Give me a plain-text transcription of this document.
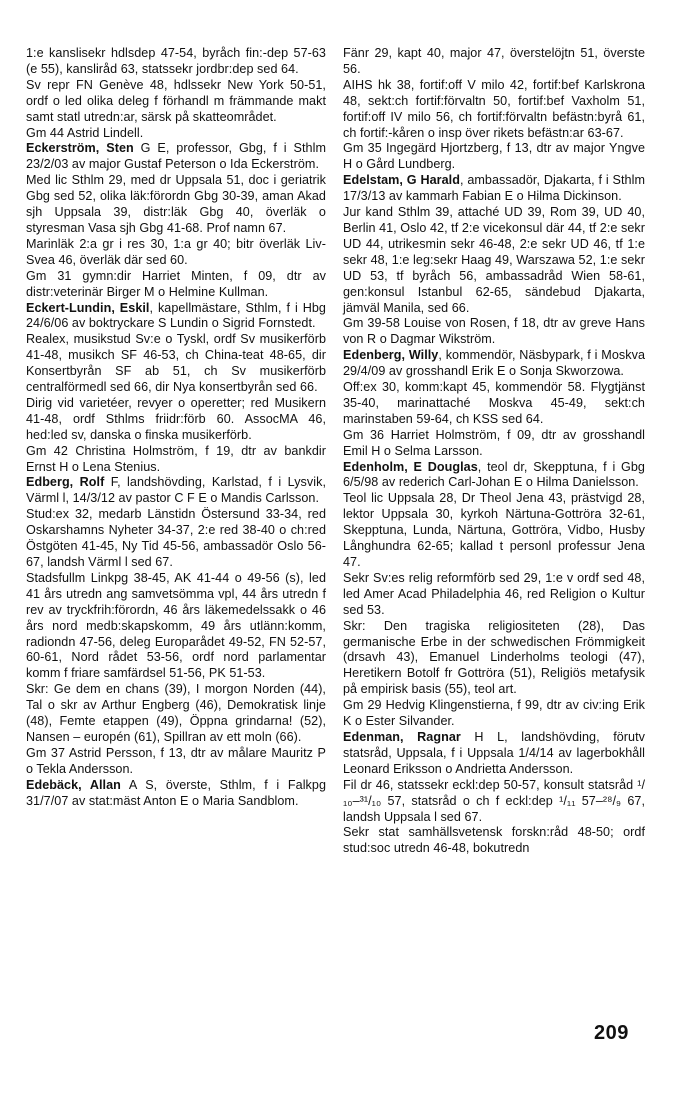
1:e kanslisekr hdlsdep 47-54, byråch fin:-dep 57-63 (e 55), kanslіråd 63, statssekr jordbr:dep sed 64.

Sv repr FN Genève 48, hdlssekr New York 50-51, ordf o led olika deleg f förhandl m främmande makt samt statl utredn:ar, särsk på skatteområdet.

Gm 44 Astrid Lindell.

Eckerström, Sten G E, professor, Gbg, f i Sthlm 23/2/03 av major Gustaf Peterson o Ida Eckerström.

Med lic Sthlm 29, med dr Uppsala 51, doc i geriatrik Gbg sed 52, olika läk:förordn Gbg 30-39, aman Akad sjh Uppsala 39, distr:läk Gbg 40, överläk o styresman Vasa sjh Gbg 41-68. Prof namn 67.

Marinläk 2:a gr i res 30, 1:a gr 40; bitr överläk Liv-Svea 46, överläk där sed 60.

Gm 31 gymn:dir Harriet Minten, f 09, dtr av distr:veterinär Birger M o Helmine Kullman.

Eckert-Lundin, Eskil, kapellmästare, Sthlm, f i Hbg 24/6/06 av boktryckare S Lundin o Sigrid Fornstedt.

Realex, musikstud Sv:e o Tyskl, ordf Sv musikerförb 41-48, musikch SF 46-53, ch China-teat 48-65, dir Konsertbyrån SF ab 51, ch Sv musikerförb centralförmedl sed 66, dir Nya konsertbyrån sed 66.

Dirig vid varietéer, revyer o operetter; red Musikern 41-48, ordf Sthlms friidr:förb 60. AssocMA 46, hed:led sv, danska o finska musikerförb.

Gm 42 Christina Holmström, f 19, dtr av bankdir Ernst H o Lena Stenius.

Edberg, Rolf F, landshövding, Karlstad, f i Lysvik, Värml l, 14/3/12 av pastor C F E o Mandis Carlsson.

Stud:ex 32, medarb Länstidn Östersund 33-34, red Oskarshamns Nyheter 34-37, 2:e red 38-40 o ch:red Östgöten 41-45, Ny Tid 45-56, ambassadör Oslo 56-67, landsh Värml l sed 67.

Stadsfullm Linkpg 38-45, AK 41-44 o 49-56 (s), led 41 års utredn ang samvetsömma vpl, 44 års utredn f rev av tryckfrih:förordn, 46 års läkemedelssakk o 46 års nord medb:skapskomm, 49 års utlänn:komm, radiondn 47-56, deleg Europarådet 49-52, FN 52-57, 60-61, Nord rådet 53-56, ordf nord parlamentar komm f friare samfärdsel 51-56, PK 51-53.

Skr: Ge dem en chans (39), I morgon Norden (44), Tal o skr av Arthur Engberg (46), Demokratisk linje (48), Femte etappen (49), Öppna grindarna! (52), Nansen – europén (61), Spillran av ett moln (66).

Gm 37 Astrid Persson, f 13, dtr av målare Mauritz P o Tekla Andersson.

Edebäck, Allan A S, överste, Sthlm, f i Falkpg 31/7/07 av stat:mäst Anton E o Maria Sandblom.

Fänr 29, kapt 40, major 47, överstelöjtn 51, överste 56.

AIHS hk 38, fortif:off V milo 42, fortif:bef Karlskrona 48, sekt:ch fortif:förvaltn 50, fortif:bef Vaxholm 51, fortif:off IV milo 56, ch fortif:förvaltn befästn:byrå 61, ch fortif:-kåren o insp över rikets befästn:ar 63-67.

Gm 35 Ingegärd Hjortzberg, f 13, dtr av major Yngve H o Gård Lundberg.

Edelstam, G Harald, ambassadör, Djakarta, f i Sthlm 17/3/13 av kammarh Fabian E o Hilma Dickinson.

Jur kand Sthlm 39, attaché UD 39, Rom 39, UD 40, Berlin 41, Oslo 42, tf 2:e vicekonsul där 44, tf 2:e sekr UD 44, utrikesmin sekr 46-48, 2:e sekr UD 46, tf 1:e sekr 48, 1:e leg:sekr Haag 49, Warszawa 52, 1:e sekr UD 53, tf byråch 56, ambassadråd Wien 58-61, gen:konsul Istanbul 62-65, sändebud Djakarta, jämväl Manila, sed 66.

Gm 39-58 Louise von Rosen, f 18, dtr av greve Hans von R o Dagmar Wikström.

Edenberg, Willy, kommendör, Näsbypark, f i Moskva 29/4/09 av grosshandl Erik E o Sonja Skworzowa.

Off:ex 30, komm:kapt 45, kommendör 58. Flygtjänst 35-40, marinattaché Moskva 45-49, sekt:ch marinstaben 59-64, ch KSS sed 64.

Gm 36 Harriet Holmström, f 09, dtr av grosshandl Emil H o Selma Larsson.

Edenholm, E Douglas, teol dr, Skepptuna, f i Gbg 6/5/98 av rederich Carl-Johan E o Hilma Danielsson.

Teol lic Uppsala 28, Dr Theol Jena 43, prästvigd 28, lektor Uppsala 30, kyrkoh Närtuna-Gottröra 32-61, Skepptuna, Lunda, Närtuna, Gottröra, Vidbo, Husby Långhundra 62-65; kallad t personl professur Jena 47.

Sekr Sv:es relig reformförb sed 29, 1:e v ordf sed 48, led Amer Acad Philadelphia 46, red Religion o Kultur sed 53.

Skr: Den tragiska religiositeten (28), Das germanische Erbe in der schwedischen Frömmigkeit (drsavh 43), Emanuel Linderholms teologi (47), Heretikern Botolf fr Gottröra (51), Religiös metafysik på empirisk basis (55), teol art.

Gm 29 Hedvig Klingenstierna, f 99, dtr av civ:ing Erik K o Ester Silvander.

Edenman, Ragnar H L, landshövding, förutv statsråd, Uppsala, f i Uppsala 1/4/14 av lagerbokhåll Leonard Eriksson o Andrietta Andersson.

Fil dr 46, statssekr eckl:dep 50-57, konsult statsråd ¹/₁₀–³¹/₁₀ 57, statsråd o ch f eckl:dep ¹/₁₁ 57–²⁸/₉ 67, landsh Uppsala l sed 67.

Sekr stat samhällsvetensk forskn:råd 48-50; ordf stud:soc utredn 46-48, bokutredn

209
